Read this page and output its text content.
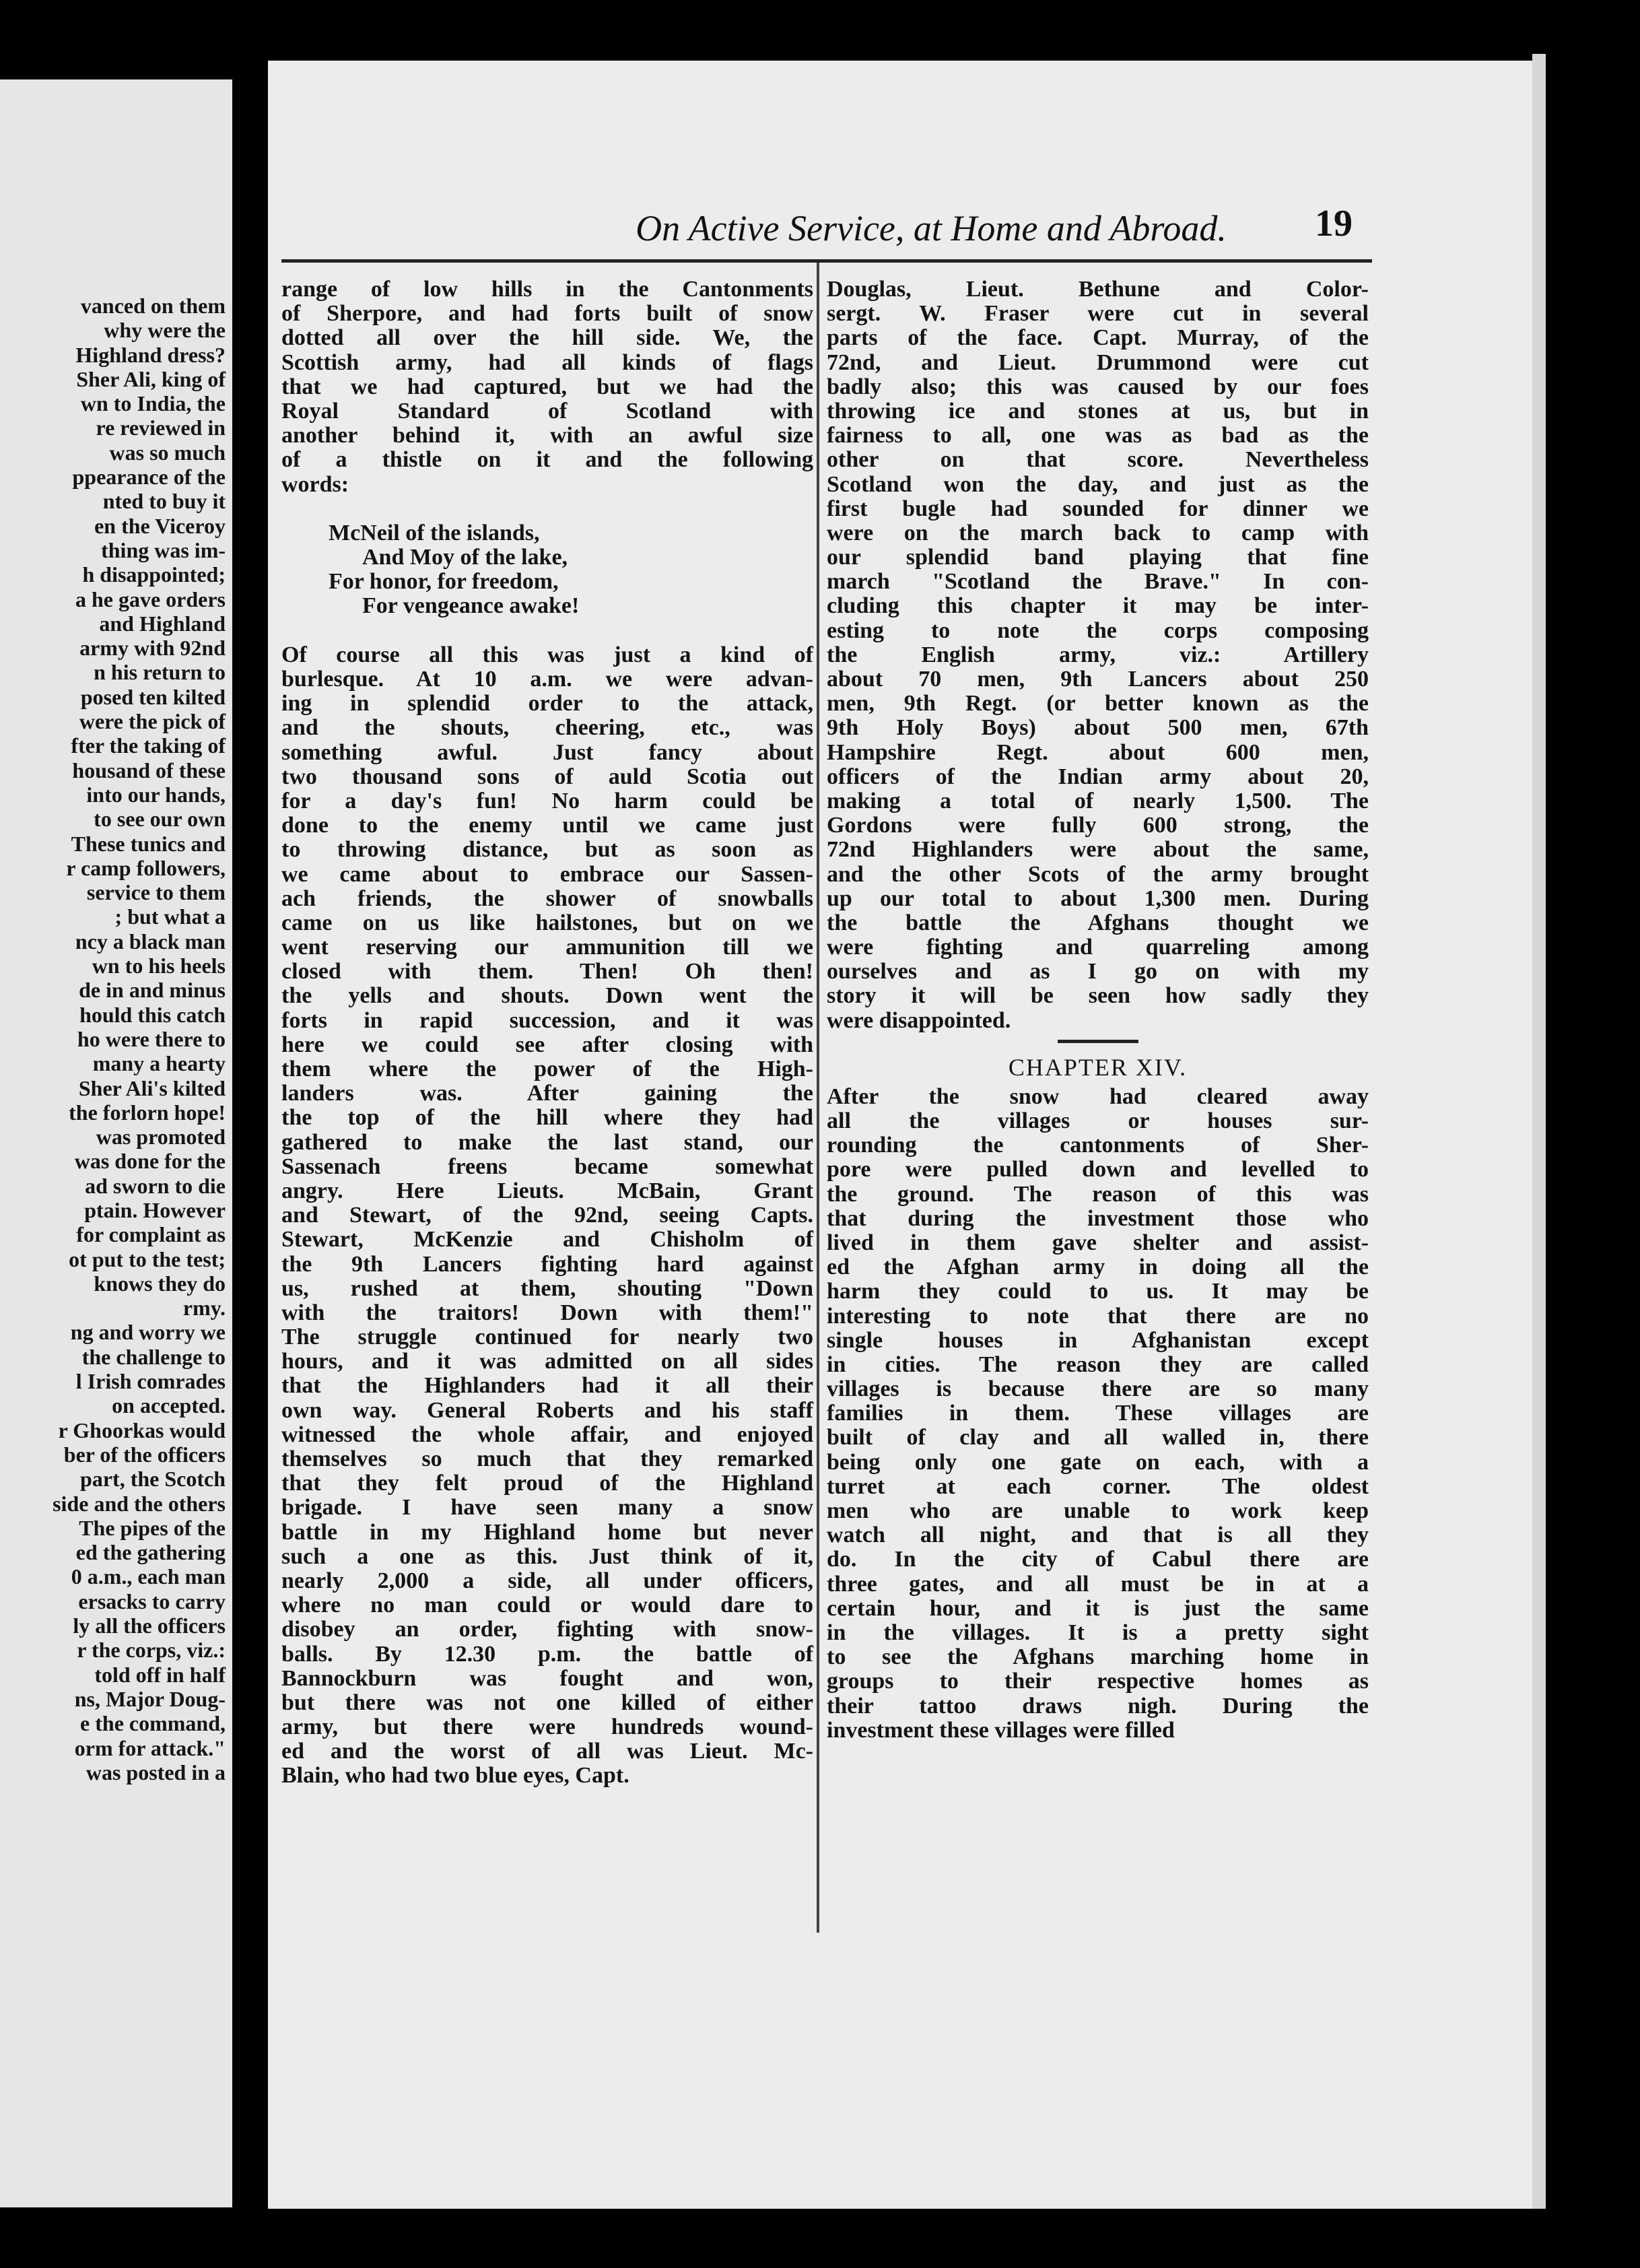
vanced on them
why were the
Highland dress?
Sher Ali, king of
wn to India, the
re reviewed in
was so much
ppearance of the
nted to buy it
en the Viceroy
thing was im-
h disappointed;
a he gave orders
and Highland
army with 92nd
n his return to
posed ten kilted
were the pick of
fter the taking of
housand of these
into our hands,
to see our own
These tunics and
r camp followers,
service to them
; but what a
ncy a black man
wn to his heels
de in and minus
hould this catch
ho were there to
many a hearty
Sher Ali's kilted
the forlorn hope!
was promoted
was done for the
ad sworn to die
ptain. However
for complaint as
ot put to the test;
knows they do
rmy.
ng and worry we
the challenge to
l Irish comrades
on accepted.
r Ghoorkas would
ber of the officers
part, the Scotch
side and the others
The pipes of the
ed the gathering
0 a.m., each man
ersacks to carry
ly all the officers
r the corps, viz.:
told off in half
ns, Major Doug-
e the command,
orm for attack."
was posted in a
On Active Service, at Home and Abroad.	19
range of low hills in the Cantonments
of Sherpore, and had forts built of snow
dotted all over the hill side. We, the
Scottish army, had all kinds of flags
that we had captured, but we had the
Royal Standard of Scotland with
another behind it, with an awful size
of a thistle on it and the following
words:
McNeil of the islands,
And Moy of the lake,
For honor, for freedom,
For vengeance awake!
Of course all this was just a kind of
burlesque. At 10 a.m. we were advan-
ing in splendid order to the attack,
and the shouts, cheering, etc., was
something awful. Just fancy about
two thousand sons of auld Scotia out
for a day's fun! No harm could be
done to the enemy until we came just
to throwing distance, but as soon as
we came about to embrace our Sassen-
ach friends, the shower of snowballs
came on us like hailstones, but on we
went reserving our ammunition till we
closed with them. Then! Oh then!
the yells and shouts. Down went the
forts in rapid succession, and it was
here we could see after closing with
them where the power of the High-
landers was. After gaining the
the top of the hill where they had
gathered to make the last stand, our
Sassenach freens became somewhat
angry. Here Lieuts. McBain, Grant
and Stewart, of the 92nd, seeing Capts.
Stewart, McKenzie and Chisholm of
the 9th Lancers fighting hard against
us, rushed at them, shouting "Down
with the traitors! Down with them!"
The struggle continued for nearly two
hours, and it was admitted on all sides
that the Highlanders had it all their
own way. General Roberts and his staff
witnessed the whole affair, and enjoyed
themselves so much that they remarked
that they felt proud of the Highland
brigade. I have seen many a snow
battle in my Highland home but never
such a one as this. Just think of it,
nearly 2,000 a side, all under officers,
where no man could or would dare to
disobey an order, fighting with snow-
balls. By 12.30 p.m. the battle of
Bannockburn was fought and won,
but there was not one killed of either
army, but there were hundreds wound-
ed and the worst of all was Lieut. Mc-
Blain, who had two blue eyes, Capt.
Douglas, Lieut. Bethune and Color-
sergt. W. Fraser were cut in several
parts of the face. Capt. Murray, of the
72nd, and Lieut. Drummond were cut
badly also; this was caused by our foes
throwing ice and stones at us, but in
fairness to all, one was as bad as the
other on that score. Nevertheless
Scotland won the day, and just as the
first bugle had sounded for dinner we
were on the march back to camp with
our splendid band playing that fine
march "Scotland the Brave." In con-
cluding this chapter it may be inter-
esting to note the corps composing
the English army, viz.: Artillery
about 70 men, 9th Lancers about 250
men, 9th Regt. (or better known as the
9th Holy Boys) about 500 men, 67th
Hampshire Regt. about 600 men,
officers of the Indian army about 20,
making a total of nearly 1,500. The
Gordons were fully 600 strong, the
72nd Highlanders were about the same,
and the other Scots of the army brought
up our total to about 1,300 men. During
the battle the Afghans thought we
were fighting and quarreling among
ourselves and as I go on with my
story it will be seen how sadly they
were disappointed.
CHAPTER XIV.
After the snow had cleared away
all the villages or houses sur-
rounding the cantonments of Sher-
pore were pulled down and levelled to
the ground. The reason of this was
that during the investment those who
lived in them gave shelter and assist-
ed the Afghan army in doing all the
harm they could to us. It may be
interesting to note that there are no
single houses in Afghanistan except
in cities. The reason they are called
villages is because there are so many
families in them. These villages are
built of clay and all walled in, there
being only one gate on each, with a
turret at each corner. The oldest
men who are unable to work keep
watch all night, and that is all they
do. In the city of Cabul there are
three gates, and all must be in at a
certain hour, and it is just the same
in the villages. It is a pretty sight
to see the Afghans marching home in
groups to their respective homes as
their tattoo draws nigh. During the
investment these villages were filled
